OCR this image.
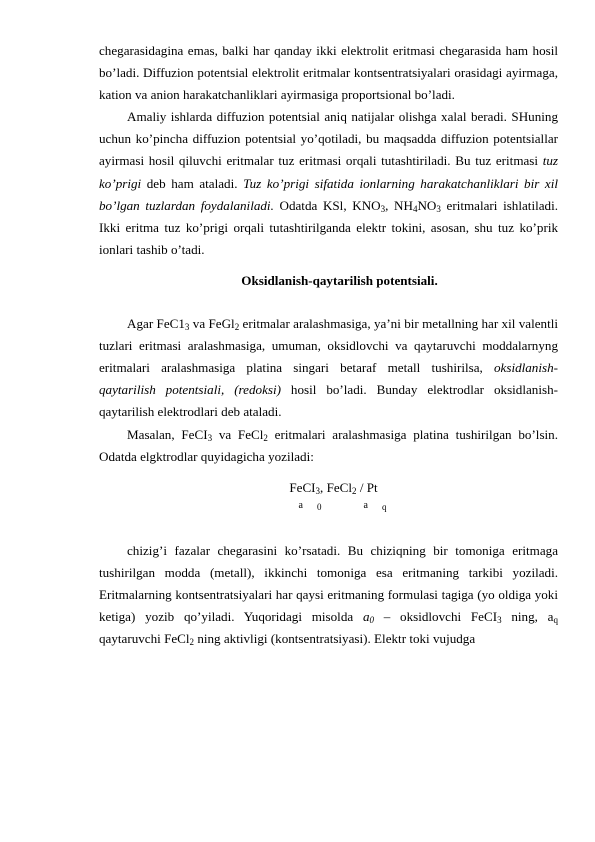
chegarasidagina emas, balki har qanday ikki elektrolit eritmasi chegarasida ham hosil bo’ladi. Diffuzion potentsial elektrolit eritmalar kontsentratsiyalari orasidagi ayirmaga, kation va anion harakatchanliklari ayirmasiga proportsional bo’ladi.

Amaliy ishlarda diffuzion potentsial aniq natijalar olishga xalal beradi. SHuning uchun ko’pincha diffuzion potentsial yo’qotiladi, bu maqsadda diffuzion potentsiallar ayirmasi hosil qiluvchi eritmalar tuz eritmasi orqali tutashtiriladi. Bu tuz eritmasi tuz ko’prigi deb ham ataladi. Tuz ko’prigi sifatida ionlarning harakatchanliklari bir xil bo’lgan tuzlardan foydalaniladi. Odatda KSl, $KNO_3$, $NH_4NO_3$ eritmalari ishlatiladi. Ikki eritma tuz ko’prigi orqali tutashtirilganda elektr tokini, asosan, shu tuz ko’prik ionlari tashib o’tadi.

Oksidlanish-qaytarilish potentsiali.

Agar $FeC1_3$ va FeGl$_2$ eritmalar aralashmasiga, ya’ni bir metallning har xil valentli tuzlari eritmasi aralashmasiga, umuman, oksidlovchi va qaytaruvchi moddalarnyng eritmalari aralashmasiga platina singari betaraf metall tushirilsa, oksidlanish-qaytarilish potentsiali, (redoksi) hosil bo’ladi. Bunday elektrodlar oksidlanish-qaytarilish elektrodlari deb ataladi.

Masalan, FeCI$_3$ va FeCl$_2$ eritmalari aralashmasiga platina tushirilgan bo’lsin. Odatda elgktrodlar quyidagicha yoziladi:

FeCI$_3$, FeCl$_2$ / Pt
a $_0$	a $_q$

chizig’i fazalar chegarasini ko’rsatadi. Bu chiziqning bir tomoniga eritmaga tushirilgan modda (metall), ikkinchi tomoniga esa eritmaning tarkibi yoziladi. Eritmalarning kontsentratsiyalari har qaysi eritmaning formulasi tagiga (yo oldiga yoki ketiga) yozib qo’yiladi. Yuqoridagi misolda $a_0$ – oksidlovchi FeCI$_3$ ning, $a_q$ qaytaruvchi FeCl$_2$ ning aktivligi (kontsentratsiyasi). Elektr toki vujudga
